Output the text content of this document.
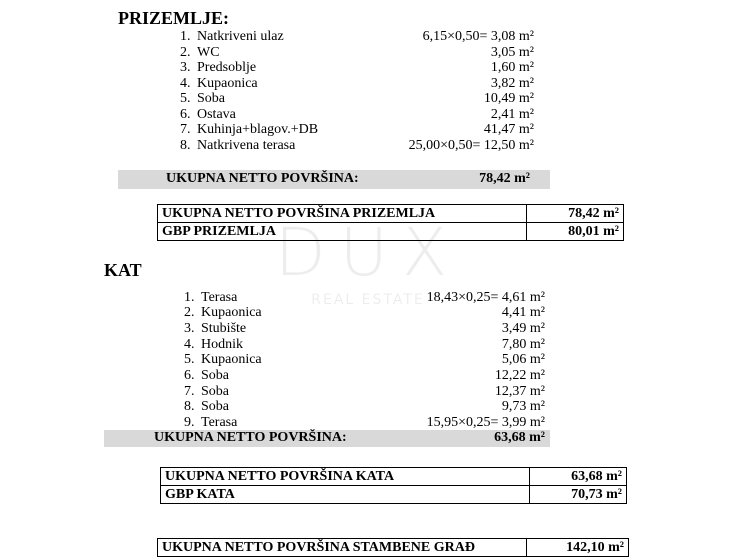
DUX
REAL ESTATE
PRIZEMLJE:
1. Natkriveni ulaz	6,15×0,50= 3,08 m²
2. WC	3,05 m²
3. Predsoblje	1,60 m²
4. Kupaonica	3,82 m²
5. Soba	10,49 m²
6. Ostava	2,41 m²
7. Kuhinja+blagov.+DB	41,47 m²
8. Natkrivena terasa	25,00×0,50= 12,50 m²
UKUPNA NETTO POVRŠINA:	78,42 m²
UKUPNA NETTO POVRŠINA PRIZEMLJA	78,42 m²
GBP PRIZEMLJA	80,01 m²
KAT
1. Terasa	18,43×0,25= 4,61 m²
2. Kupaonica	4,41 m²
3. Stubište	3,49 m²
4. Hodnik	7,80 m²
5. Kupaonica	5,06 m²
6. Soba	12,22 m²
7. Soba	12,37 m²
8. Soba	9,73 m²
9. Terasa	15,95×0,25= 3,99 m²
UKUPNA NETTO POVRŠINA:	63,68 m²
UKUPNA NETTO POVRŠINA KATA	63,68 m²
GBP KATA	70,73 m²
UKUPNA NETTO POVRŠINA STAMBENE GRAĐ	142,10 m²
